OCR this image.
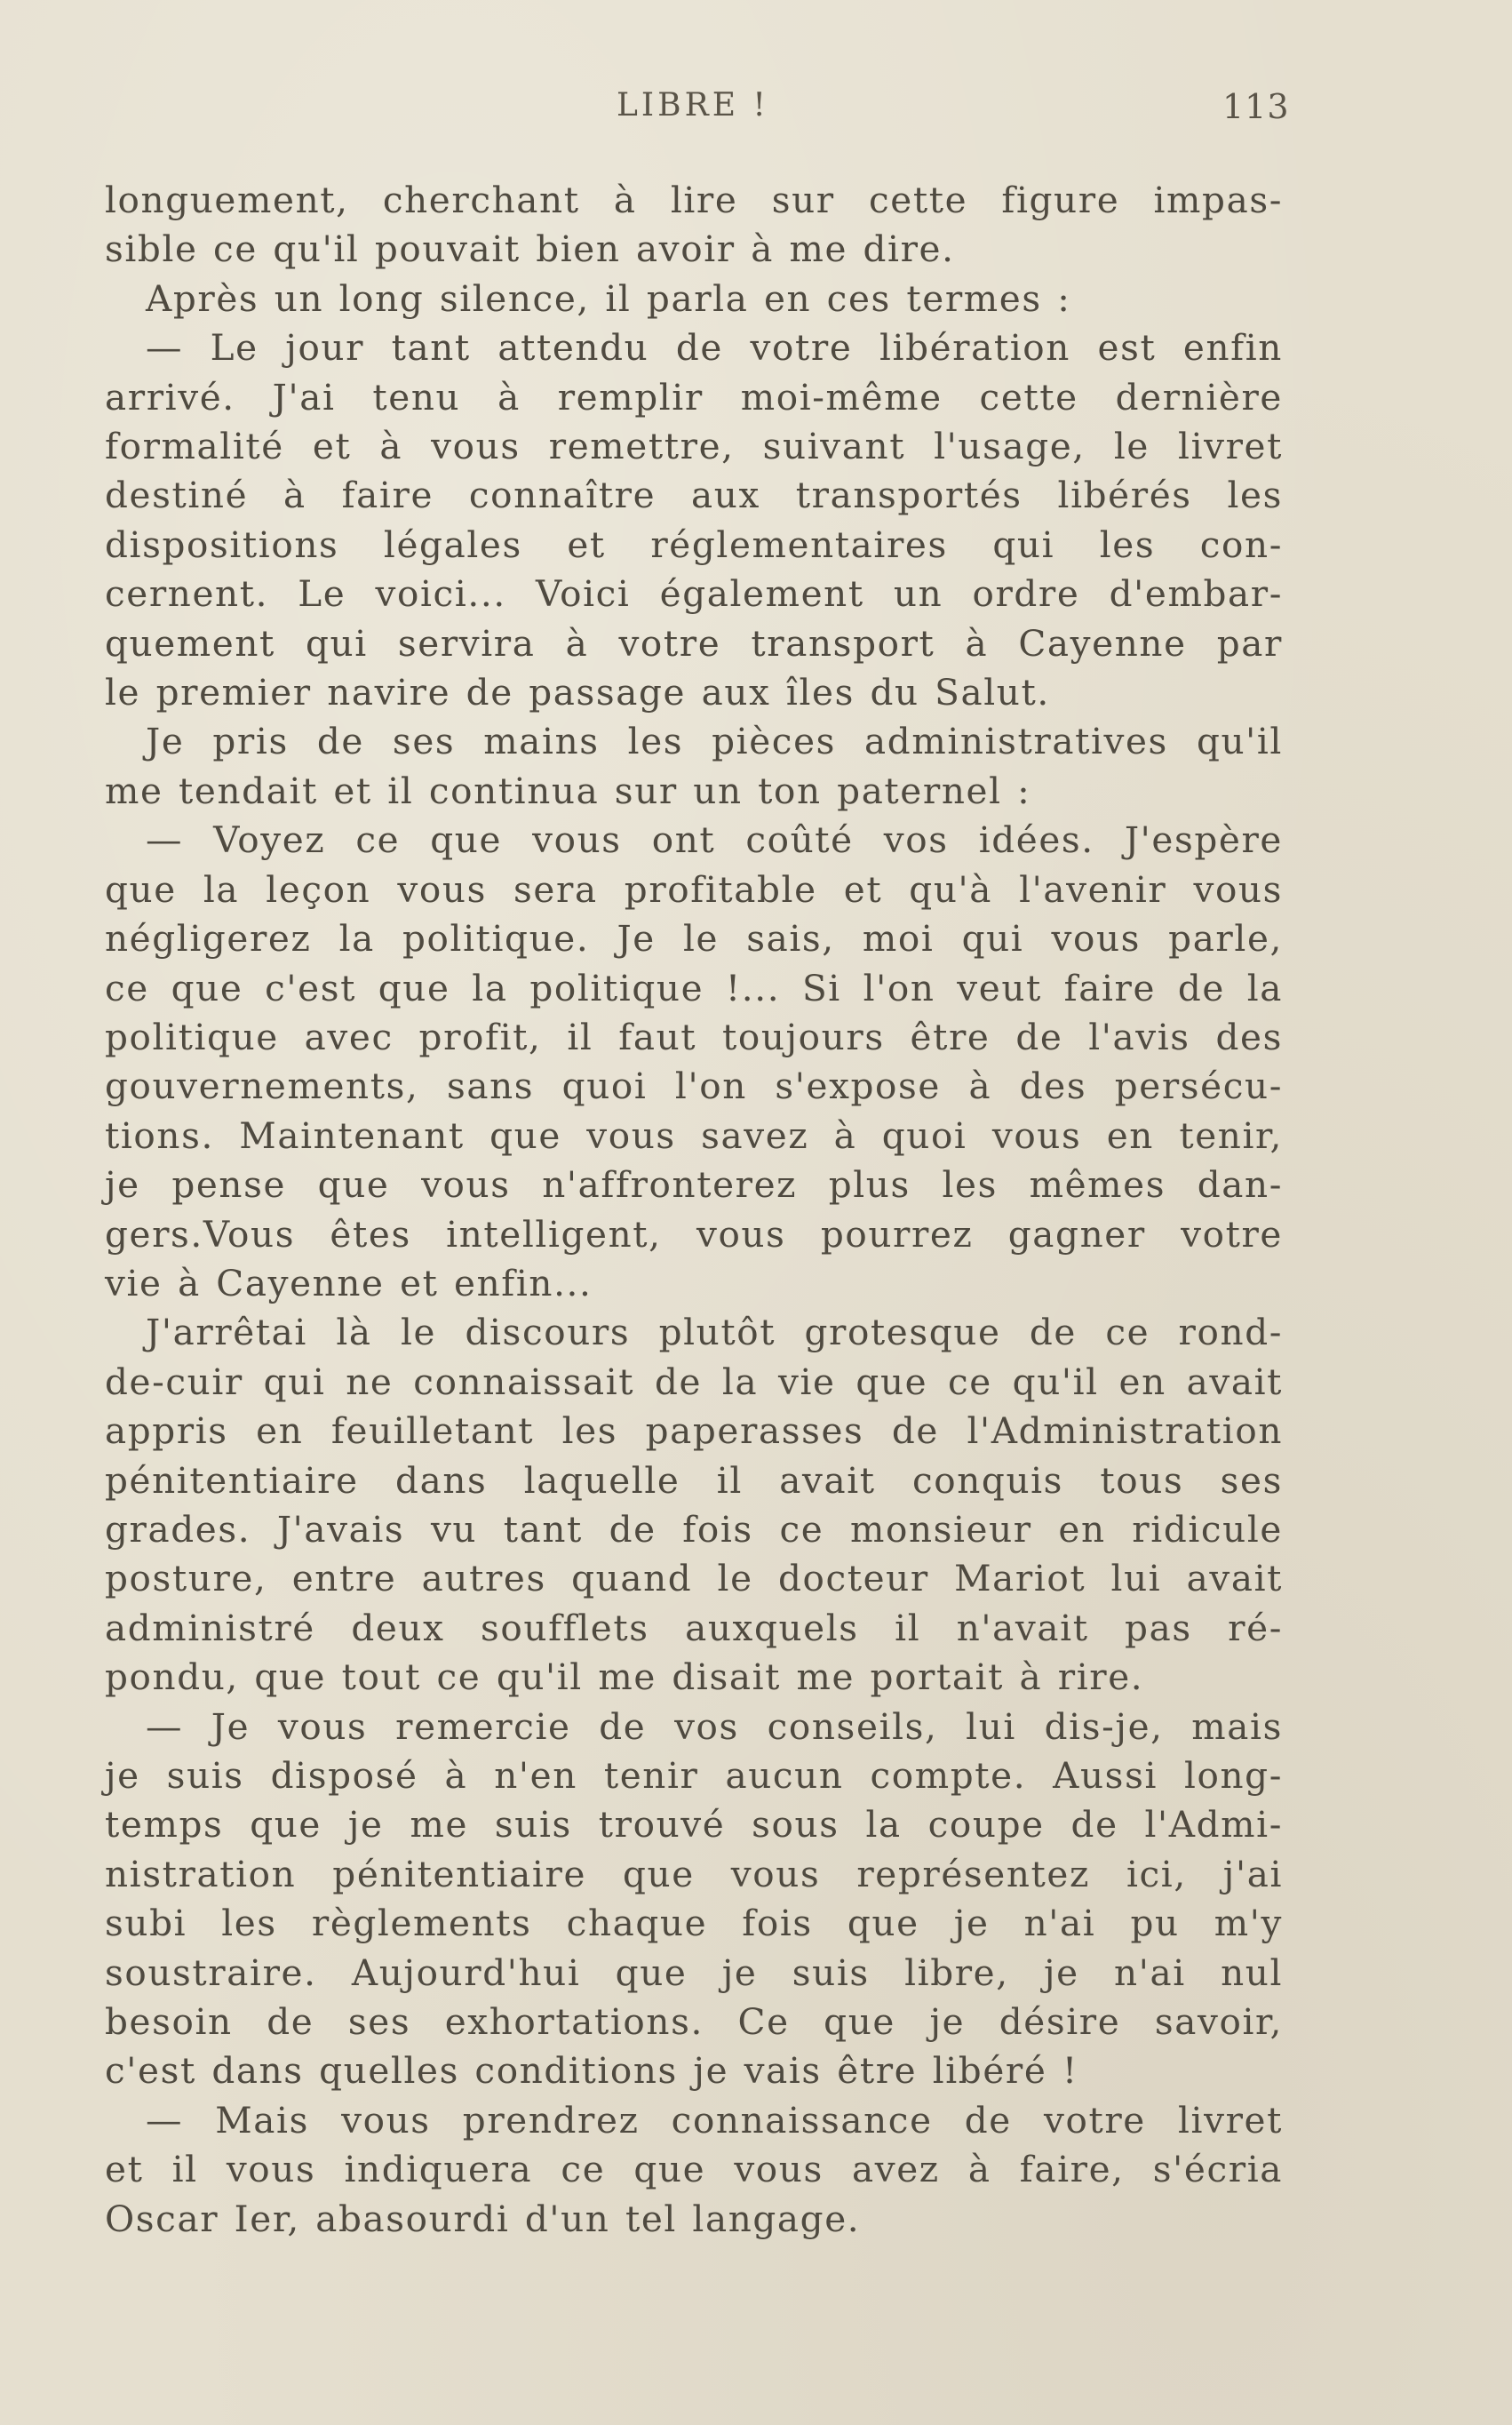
LIBRE !	113

longuement, cherchant à lire sur cette figure impas-

sible ce qu'il pouvait bien avoir à me dire.

Après un long silence, il parla en ces termes :

— Le jour tant attendu de votre libération est enfin

arrivé. J'ai tenu à remplir moi-même cette dernière

formalité et à vous remettre, suivant l'usage, le livret

destiné à faire connaître aux transportés libérés les

dispositions légales et réglementaires qui les con-

cernent. Le voici... Voici également un ordre d'embar-

quement qui servira à votre transport à Cayenne par

le premier navire de passage aux îles du Salut.

Je pris de ses mains les pièces administratives qu'il

me tendait et il continua sur un ton paternel :

— Voyez ce que vous ont coûté vos idées. J'espère

que la leçon vous sera profitable et qu'à l'avenir vous

négligerez la politique. Je le sais, moi qui vous parle,

ce que c'est que la politique !... Si l'on veut faire de la

politique avec profit, il faut toujours être de l'avis des

gouvernements, sans quoi l'on s'expose à des persécu-

tions. Maintenant que vous savez à quoi vous en tenir,

je pense que vous n'affronterez plus les mêmes dan-

gers.Vous êtes intelligent, vous pourrez gagner votre

vie à Cayenne et enfin...

J'arrêtai là le discours plutôt grotesque de ce rond-

de-cuir qui ne connaissait de la vie que ce qu'il en avait

appris en feuilletant les paperasses de l'Administration

pénitentiaire dans laquelle il avait conquis tous ses

grades. J'avais vu tant de fois ce monsieur en ridicule

posture, entre autres quand le docteur Mariot lui avait

administré deux soufflets auxquels il n'avait pas ré-

pondu, que tout ce qu'il me disait me portait à rire.

— Je vous remercie de vos conseils, lui dis-je, mais

je suis disposé à n'en tenir aucun compte. Aussi long-

temps que je me suis trouvé sous la coupe de l'Admi-

nistration pénitentiaire que vous représentez ici, j'ai

subi les règlements chaque fois que je n'ai pu m'y

soustraire. Aujourd'hui que je suis libre, je n'ai nul

besoin de ses exhortations. Ce que je désire savoir,

c'est dans quelles conditions je vais être libéré !

— Mais vous prendrez connaissance de votre livret

et il vous indiquera ce que vous avez à faire, s'écria

Oscar Ier, abasourdi d'un tel langage.
